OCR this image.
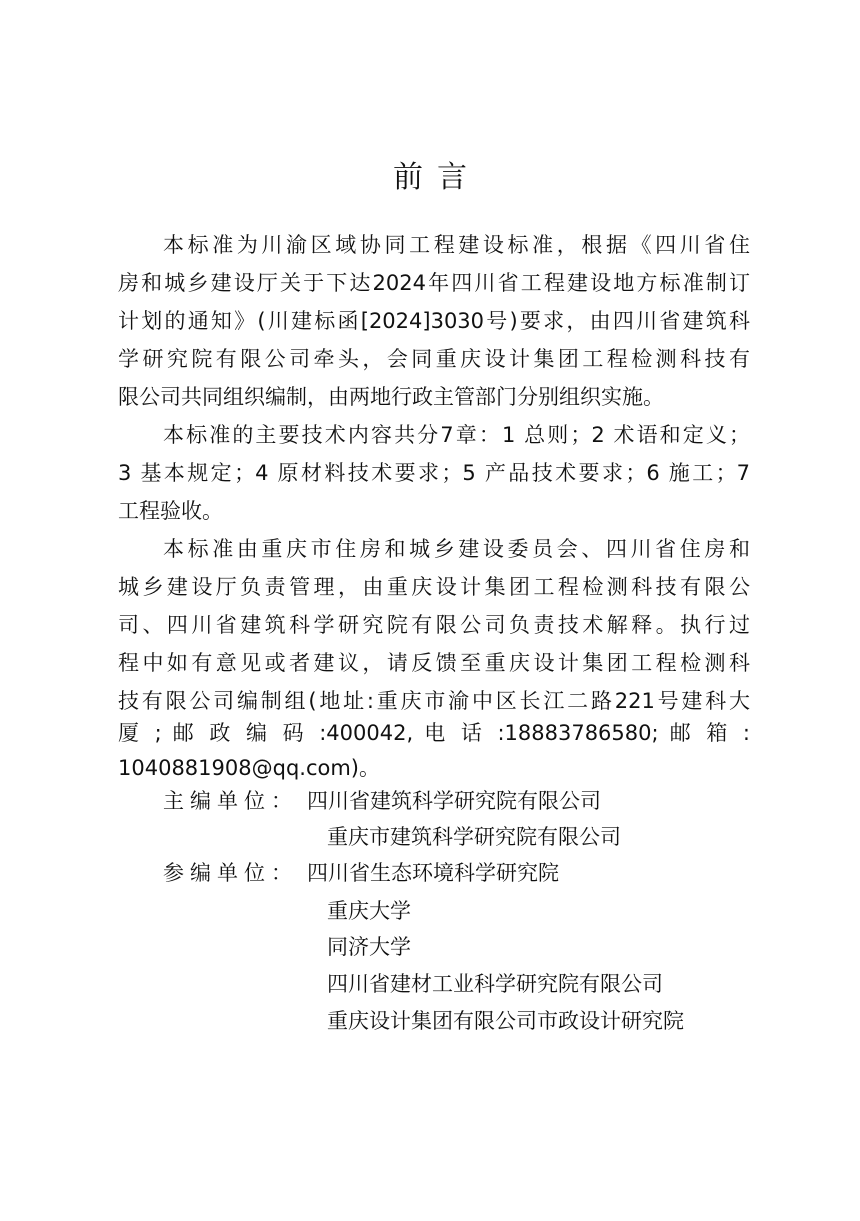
前言
本标准为川渝区域协同工程建设标准，根据《四川省住
房和城乡建设厅关于下达2024年四川省工程建设地方标准制订
计划的通知》(川建标函[2024]3030号)要求，由四川省建筑科
学研究院有限公司牵头，会同重庆设计集团工程检测科技有
限公司共同组织编制，由两地行政主管部门分别组织实施。
本标准的主要技术内容共分7章：1 总则；2 术语和定义；
3 基本规定；4 原材料技术要求；5 产品技术要求；6 施工；7
工程验收。
本标准由重庆市住房和城乡建设委员会、四川省住房和
城乡建设厅负责管理，由重庆设计集团工程检测科技有限公
司、四川省建筑科学研究院有限公司负责技术解释。执行过
程中如有意见或者建议，请反馈至重庆设计集团工程检测科
技有限公司编制组(地址:重庆市渝中区长江二路221号建科大
厦 ; 邮 政 编 码 :400042, 电 话 :18883786580; 邮 箱 :
1040881908@qq.com)。
主编单位： 四川省建筑科学研究院有限公司
重庆市建筑科学研究院有限公司
参编单位： 四川省生态环境科学研究院
重庆大学
同济大学
四川省建材工业科学研究院有限公司
重庆设计集团有限公司市政设计研究院
